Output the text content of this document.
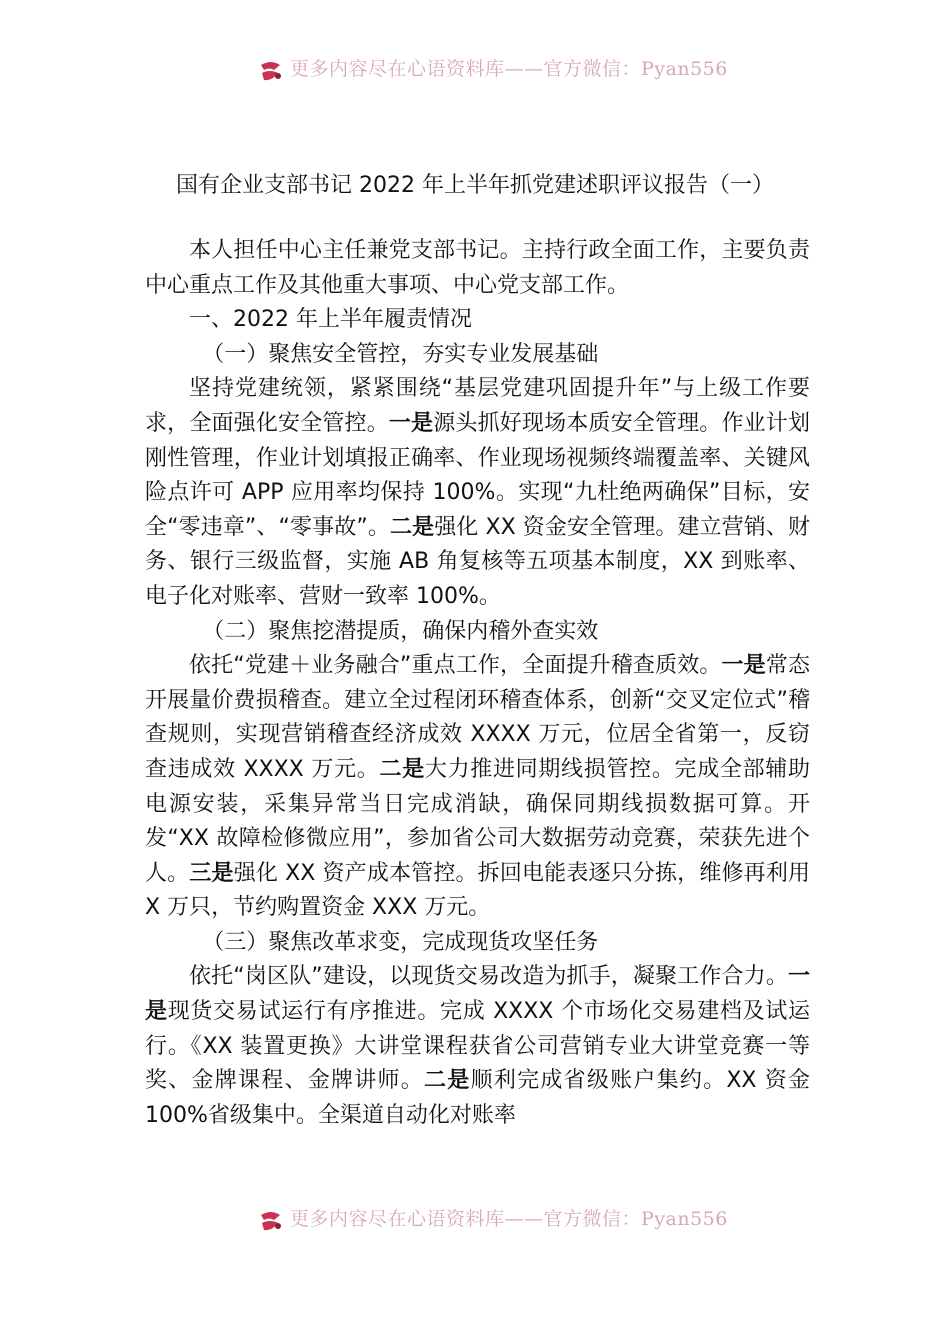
更多内容尽在心语资料库——官方微信：Pyan556
国有企业支部书记 2022 年上半年抓党建述职评议报告（一）

本人担任中心主任兼党支部书记。主持行政全面工作，主要负责中心重点工作及其他重大事项、中心党支部工作。

一、2022 年上半年履责情况

（一）聚焦安全管控，夯实专业发展基础

坚持党建统领，紧紧围绕“基层党建巩固提升年”与上级工作要求，全面强化安全管控。一是源头抓好现场本质安全管理。作业计划刚性管理，作业计划填报正确率、作业现场视频终端覆盖率、关键风险点许可 APP 应用率均保持 100%。实现“九杜绝两确保”目标，安全“零违章”、“零事故”。二是强化 XX 资金安全管理。建立营销、财务、银行三级监督，实施 AB 角复核等五项基本制度，XX 到账率、电子化对账率、营财一致率 100%。

（二）聚焦挖潜提质，确保内稽外查实效

依托“党建＋业务融合”重点工作，全面提升稽查质效。一是常态开展量价费损稽查。建立全过程闭环稽查体系，创新“交叉定位式”稽查规则，实现营销稽查经济成效 XXXX 万元，位居全省第一，反窃查违成效 XXXX 万元。二是大力推进同期线损管控。完成全部辅助电源安装，采集异常当日完成消缺，确保同期线损数据可算。开发“XX 故障检修微应用”，参加省公司大数据劳动竞赛，荣获先进个人。三是强化 XX 资产成本管控。拆回电能表逐只分拣，维修再利用 X 万只，节约购置资金 XXX 万元。

（三）聚焦改革求变，完成现货攻坚任务

依托“岗区队”建设，以现货交易改造为抓手，凝聚工作合力。一是现货交易试运行有序推进。完成 XXXX 个市场化交易建档及试运行。《XX 装置更换》大讲堂课程获省公司营销专业大讲堂竞赛一等奖、金牌课程、金牌讲师。二是顺利完成省级账户集约。XX 资金 100%省级集中。全渠道自动化对账率

更多内容尽在心语资料库——官方微信：Pyan556
